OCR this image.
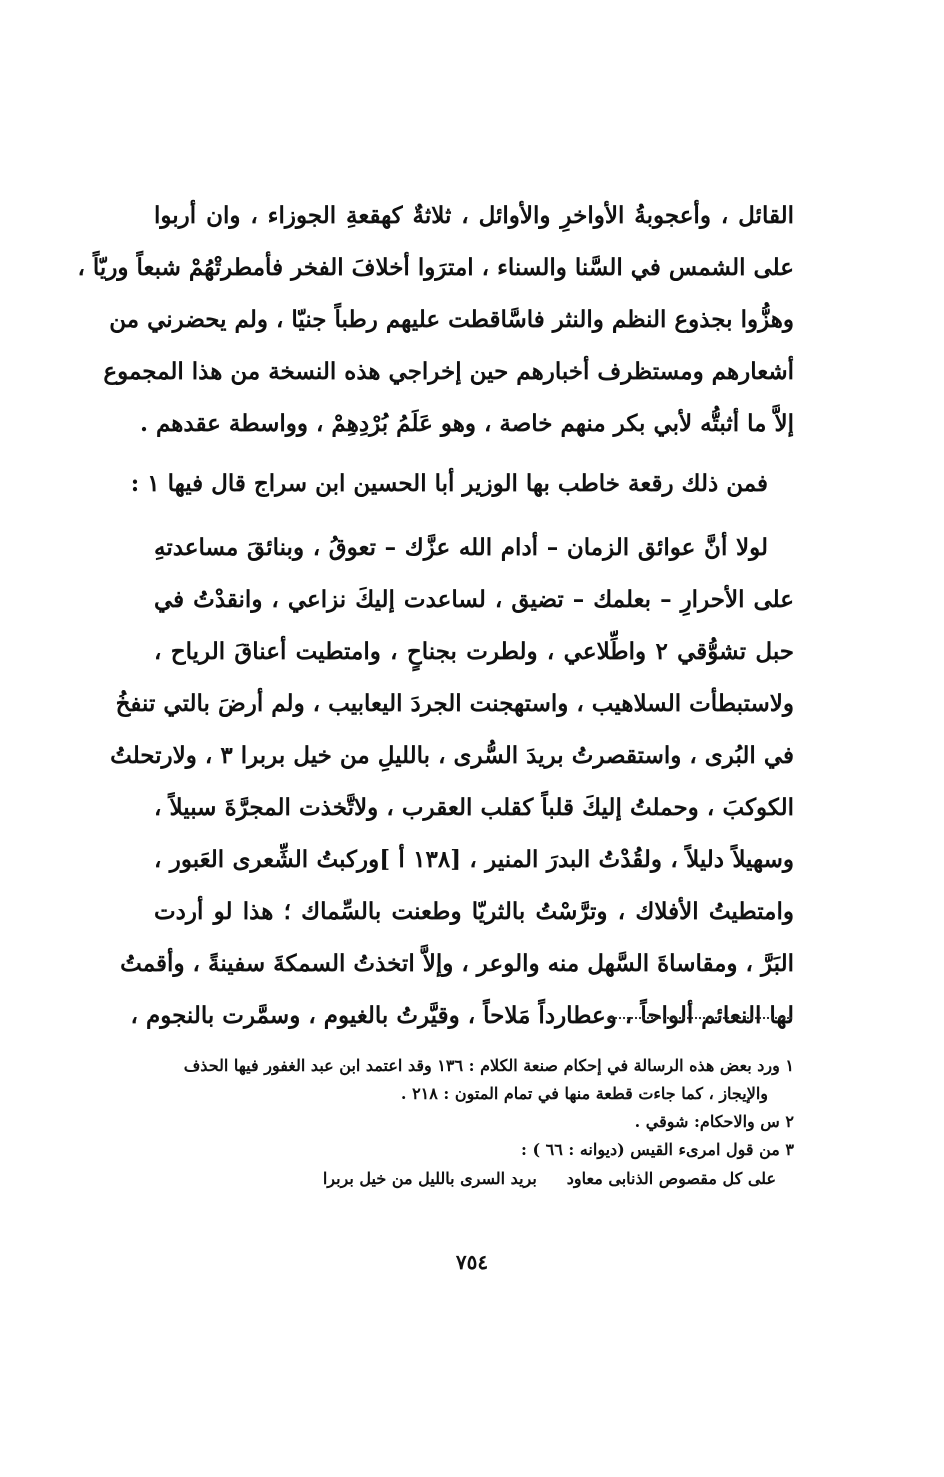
القائل ، وأعجوبةُ الأواخرِ والأوائل ، ثلاثةٌ كهقعةِ الجوزاء ، وان أربوا
على الشمس في السَّنا والسناء ، امترَوا أخلافَ الفخر فأمطرتْهُمْ شبعاً وريّاً ،
وهزُّوا بجذوع النظم والنثر فاسَّاقطت عليهم رطباً جنيّا ، ولم يحضرني من
أشعارهم ومستظرف أخبارهم حين إخراجي هذه النسخة من هذا المجموع
إلاَّ ما أثبتُّه لأبي بكر منهم خاصة ، وهو عَلَمُ بُرْدِهِمْ ، وواسطة عقدهم .
فمن ذلك رقعة خاطب بها الوزير أبا الحسين ابن سراج قال فيها ١ :
لولا أنَّ عوائق الزمان – أدام الله عزَّك – تعوقُ ، وبنائقَ مساعدتهِ
على الأحرارِ – بعلمك – تضيق ، لساعدت إليكَ نزاعي ، وانقدْتُ في
حبل تشوُّقي ٢ واطِّلاعي ، ولطرت بجناحٍ ، وامتطيت أعناقَ الرياح ،
ولاستبطأت السلاهيب ، واستهجنت الجردَ اليعابيب ، ولم أرضَ بالتي تنفخُ
في البُرى ، واستقصرتُ بريدَ السُّرى ، بالليلِ من خيل بربرا ٣ ، ولارتحلتُ
الكوكبَ ، وحملتُ إليكَ قلباً كقلب العقرب ، ولاتَّخذت المجرَّةَ سبيلاً ،
وسهيلاً دليلاً ، ولقُدْتُ البدرَ المنير ، [١٣٨ أ ]وركبتُ الشِّعرى العَبور ،
وامتطيتُ الأفلاك ، وترَّسْتُ بالثريّا وطعنت بالسِّماك ؛ هذا لو أردت
البَرَّ ، ومقاساةَ السَّهل منه والوعر ، وإلاَّ اتخذتُ السمكةَ سفينةً ، وأقمتُ
لها النعائم ألواحاً ، وعطارداً مَلاحاً ، وقيَّرتُ بالغيوم ، وسمَّرت بالنجوم ،
١ ورد بعض هذه الرسالة في إحكام صنعة الكلام : ١٣٦ وقد اعتمد ابن عبد الغفور فيها الحذف
والإيجاز ، كما جاءت قطعة منها في تمام المتون : ٢١٨ .
٢ س والاحكام: شوقي .
٣ من قول امرىء القيس (ديوانه : ٦٦ ) :
على كل مقصوص الذنابى معاود
بريد السرى بالليل من خيل بربرا
٧٥٤
